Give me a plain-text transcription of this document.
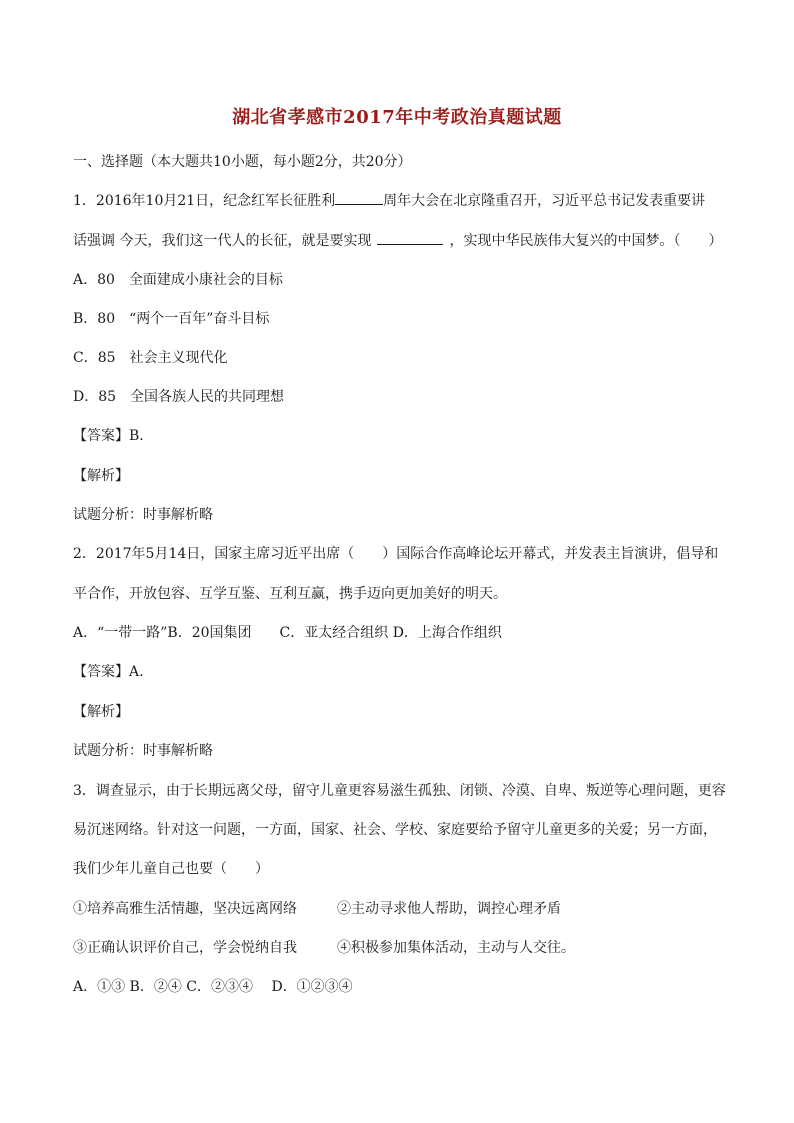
湖北省孝感市2017年中考政治真题试题
一、选择题（本大题共10小题，每小题2分，共20分）
1．2016年10月21日，纪念红军长征胜利	周年大会在北京隆重召开，习近平总书记发表重要讲
话强调 今天，我们这一代人的长征，就是要实现	，实现中华民族伟大复兴的中国梦。（　　）
A．80　全面建成小康社会的目标
B．80　“两个一百年”奋斗目标
C．85　社会主义现代化
D．85　全国各族人民的共同理想
【答案】B.
【解析】
试题分析：时事解析略
2．2017年5月14日，国家主席习近平出席（　　）国际合作高峰论坛开幕式，并发表主旨演讲，倡导和
平合作，开放包容、互学互鉴、互利互赢，携手迈向更加美好的明天。
A．“一带一路”B．20国集团　　C．亚太经合组织 D．上海合作组织
【答案】A.
【解析】
试题分析：时事解析略
3．调查显示，由于长期远离父母，留守儿童更容易滋生孤独、闭锁、冷漠、自卑、叛逆等心理问题，更容
易沉迷网络。针对这一问题，一方面，国家、社会、学校、家庭要给予留守儿童更多的关爱；另一方面，
我们少年儿童自己也要（　　）
①培养高雅生活情趣，坚决远离网络	②主动寻求他人帮助，调控心理矛盾
③正确认识评价自己，学会悦纳自我	④积极参加集体活动，主动与人交往。
A．①③ B．②④ C．②③④　 D．①②③④
